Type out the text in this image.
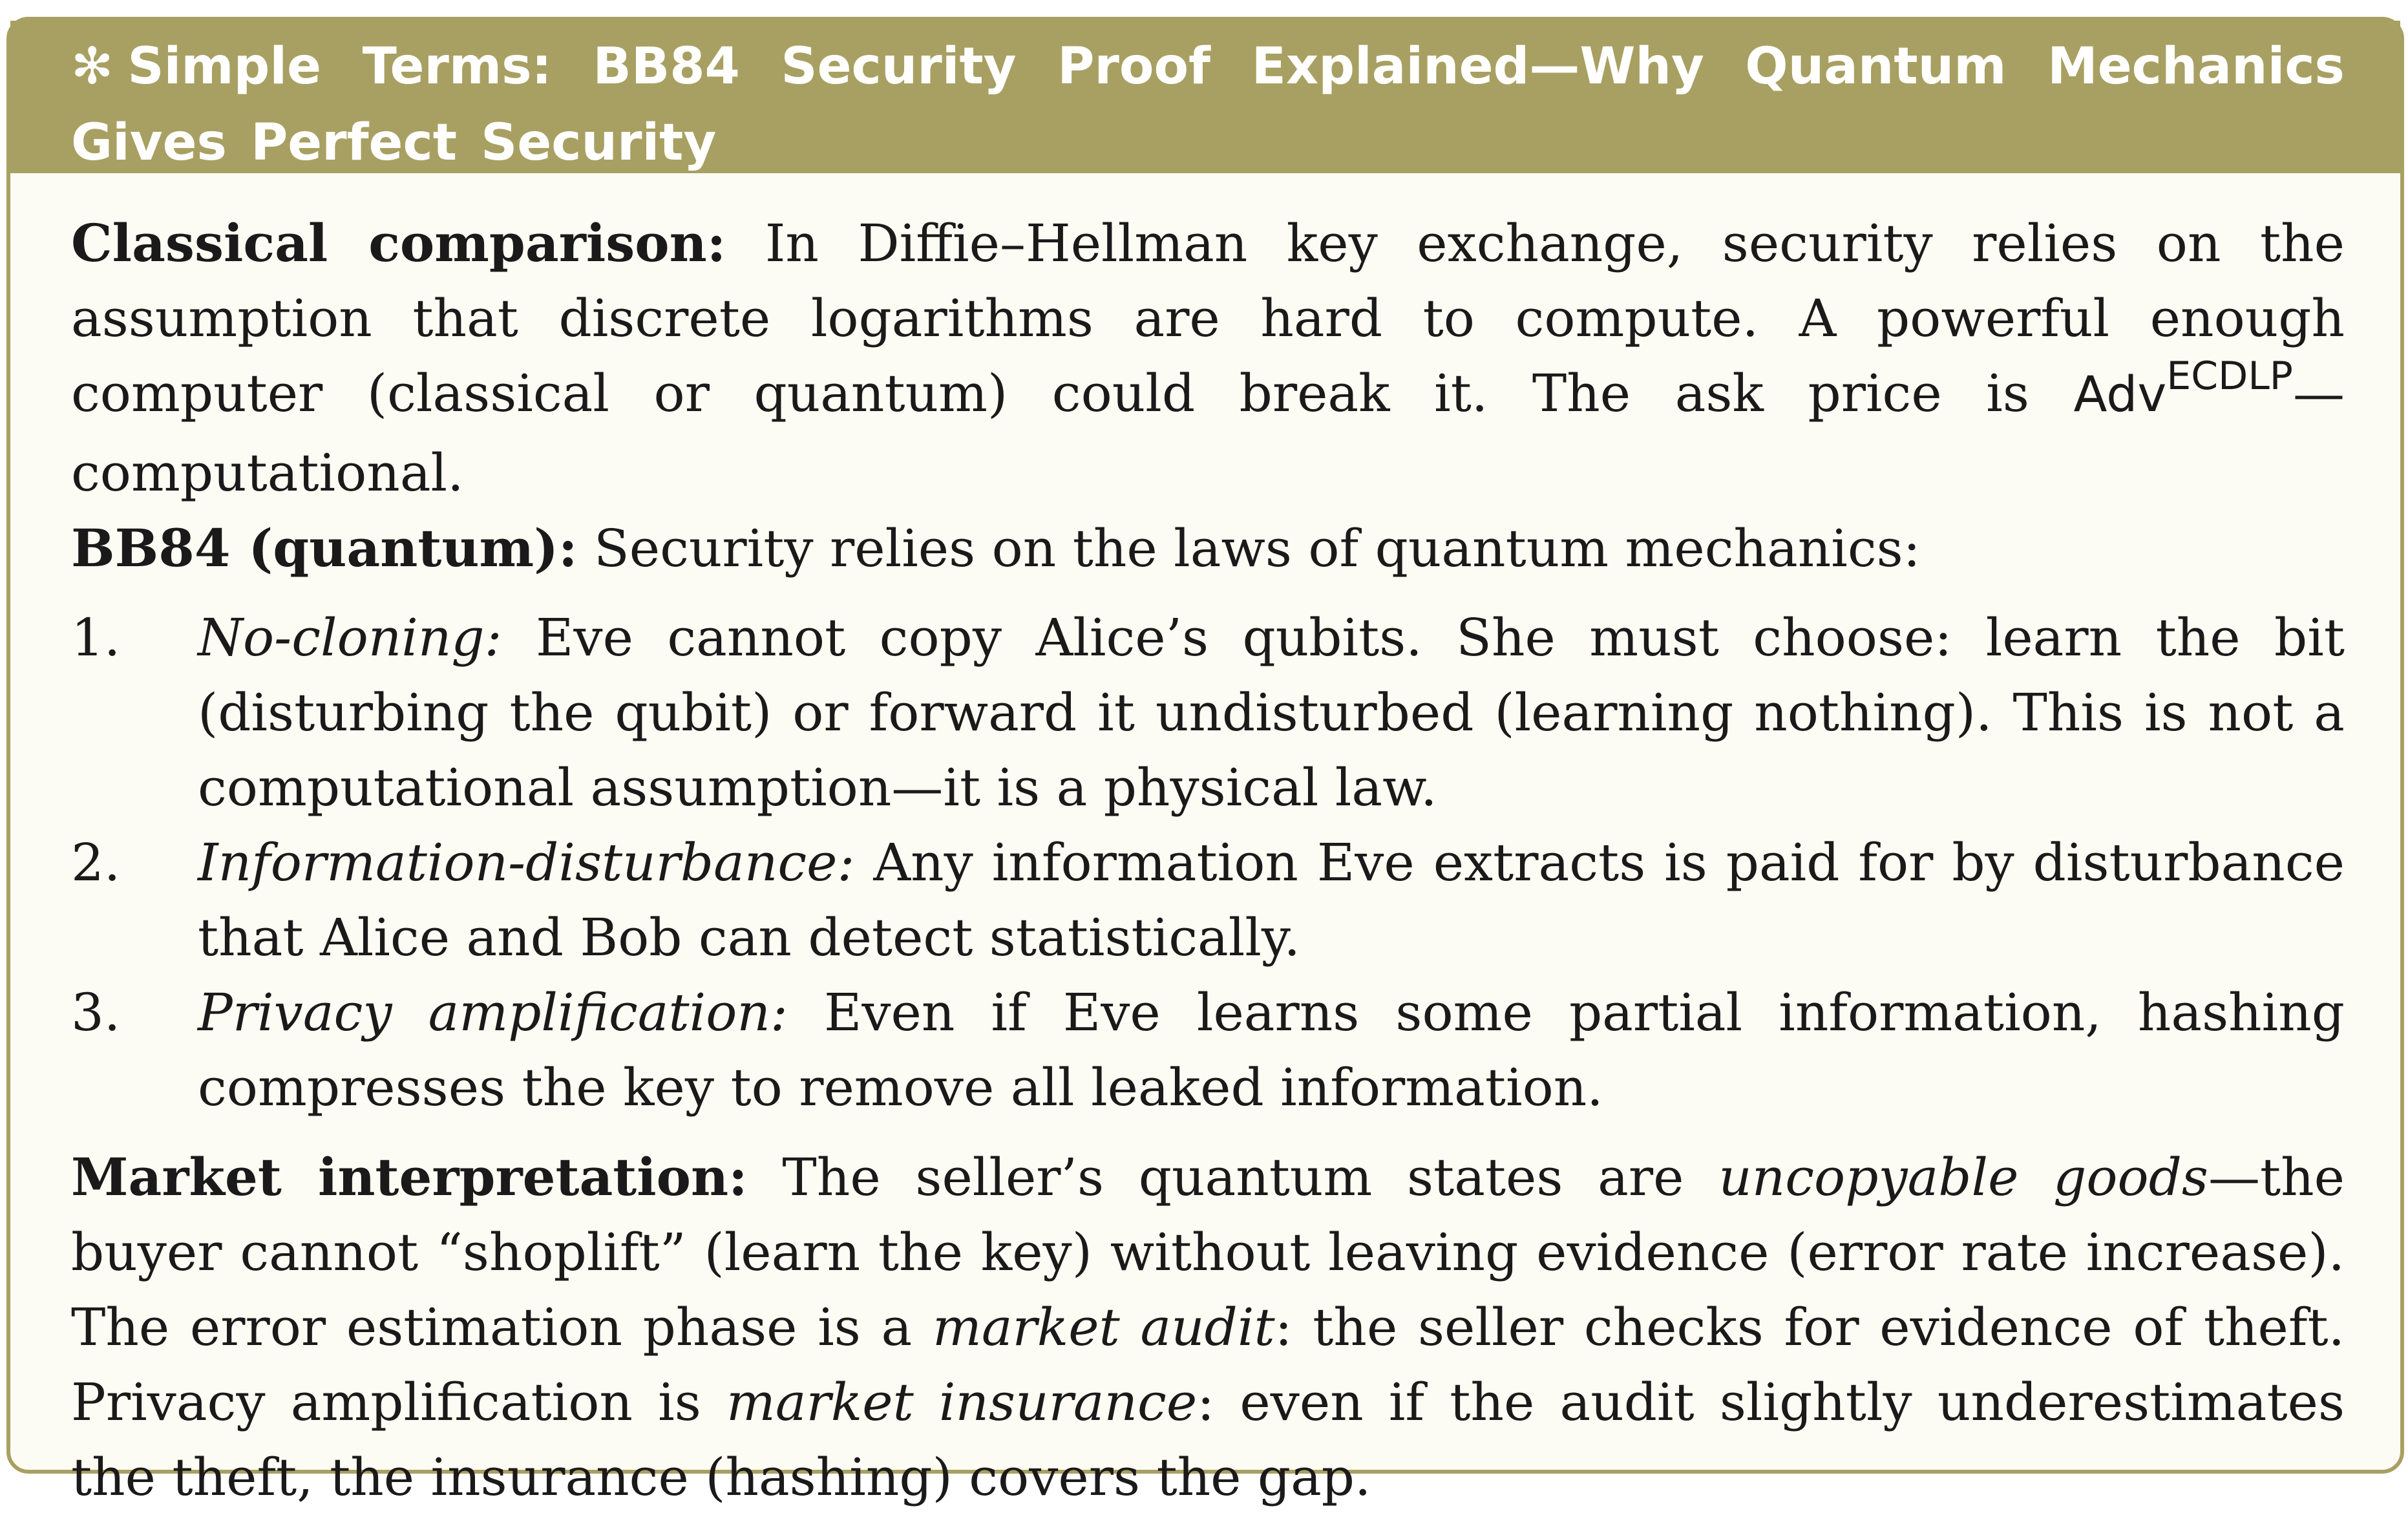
✻ Simple Terms: BB84 Security Proof Explained—Why Quantum Mechanics Gives Perfect Security

Classical comparison: In Diffie–Hellman key exchange, security relies on the assumption that discrete logarithms are hard to compute. A powerful enough computer (classical or quantum) could break it. The ask price is Adv$^{ECDLP}$—computational.

BB84 (quantum): Security relies on the laws of quantum mechanics:

1. No-cloning: Eve cannot copy Alice’s qubits. She must choose: learn the bit (disturbing the qubit) or forward it undisturbed (learning nothing). This is not a computational assumption—it is a physical law.
2. Information-disturbance: Any information Eve extracts is paid for by disturbance that Alice and Bob can detect statistically.
3. Privacy amplification: Even if Eve learns some partial information, hashing compresses the key to remove all leaked information.

Market interpretation: The seller’s quantum states are uncopyable goods—the buyer cannot “shoplift” (learn the key) without leaving evidence (error rate increase). The error estimation phase is a market audit: the seller checks for evidence of theft. Privacy amplification is market insurance: even if the audit slightly underestimates the theft, the insurance (hashing) covers the gap.
